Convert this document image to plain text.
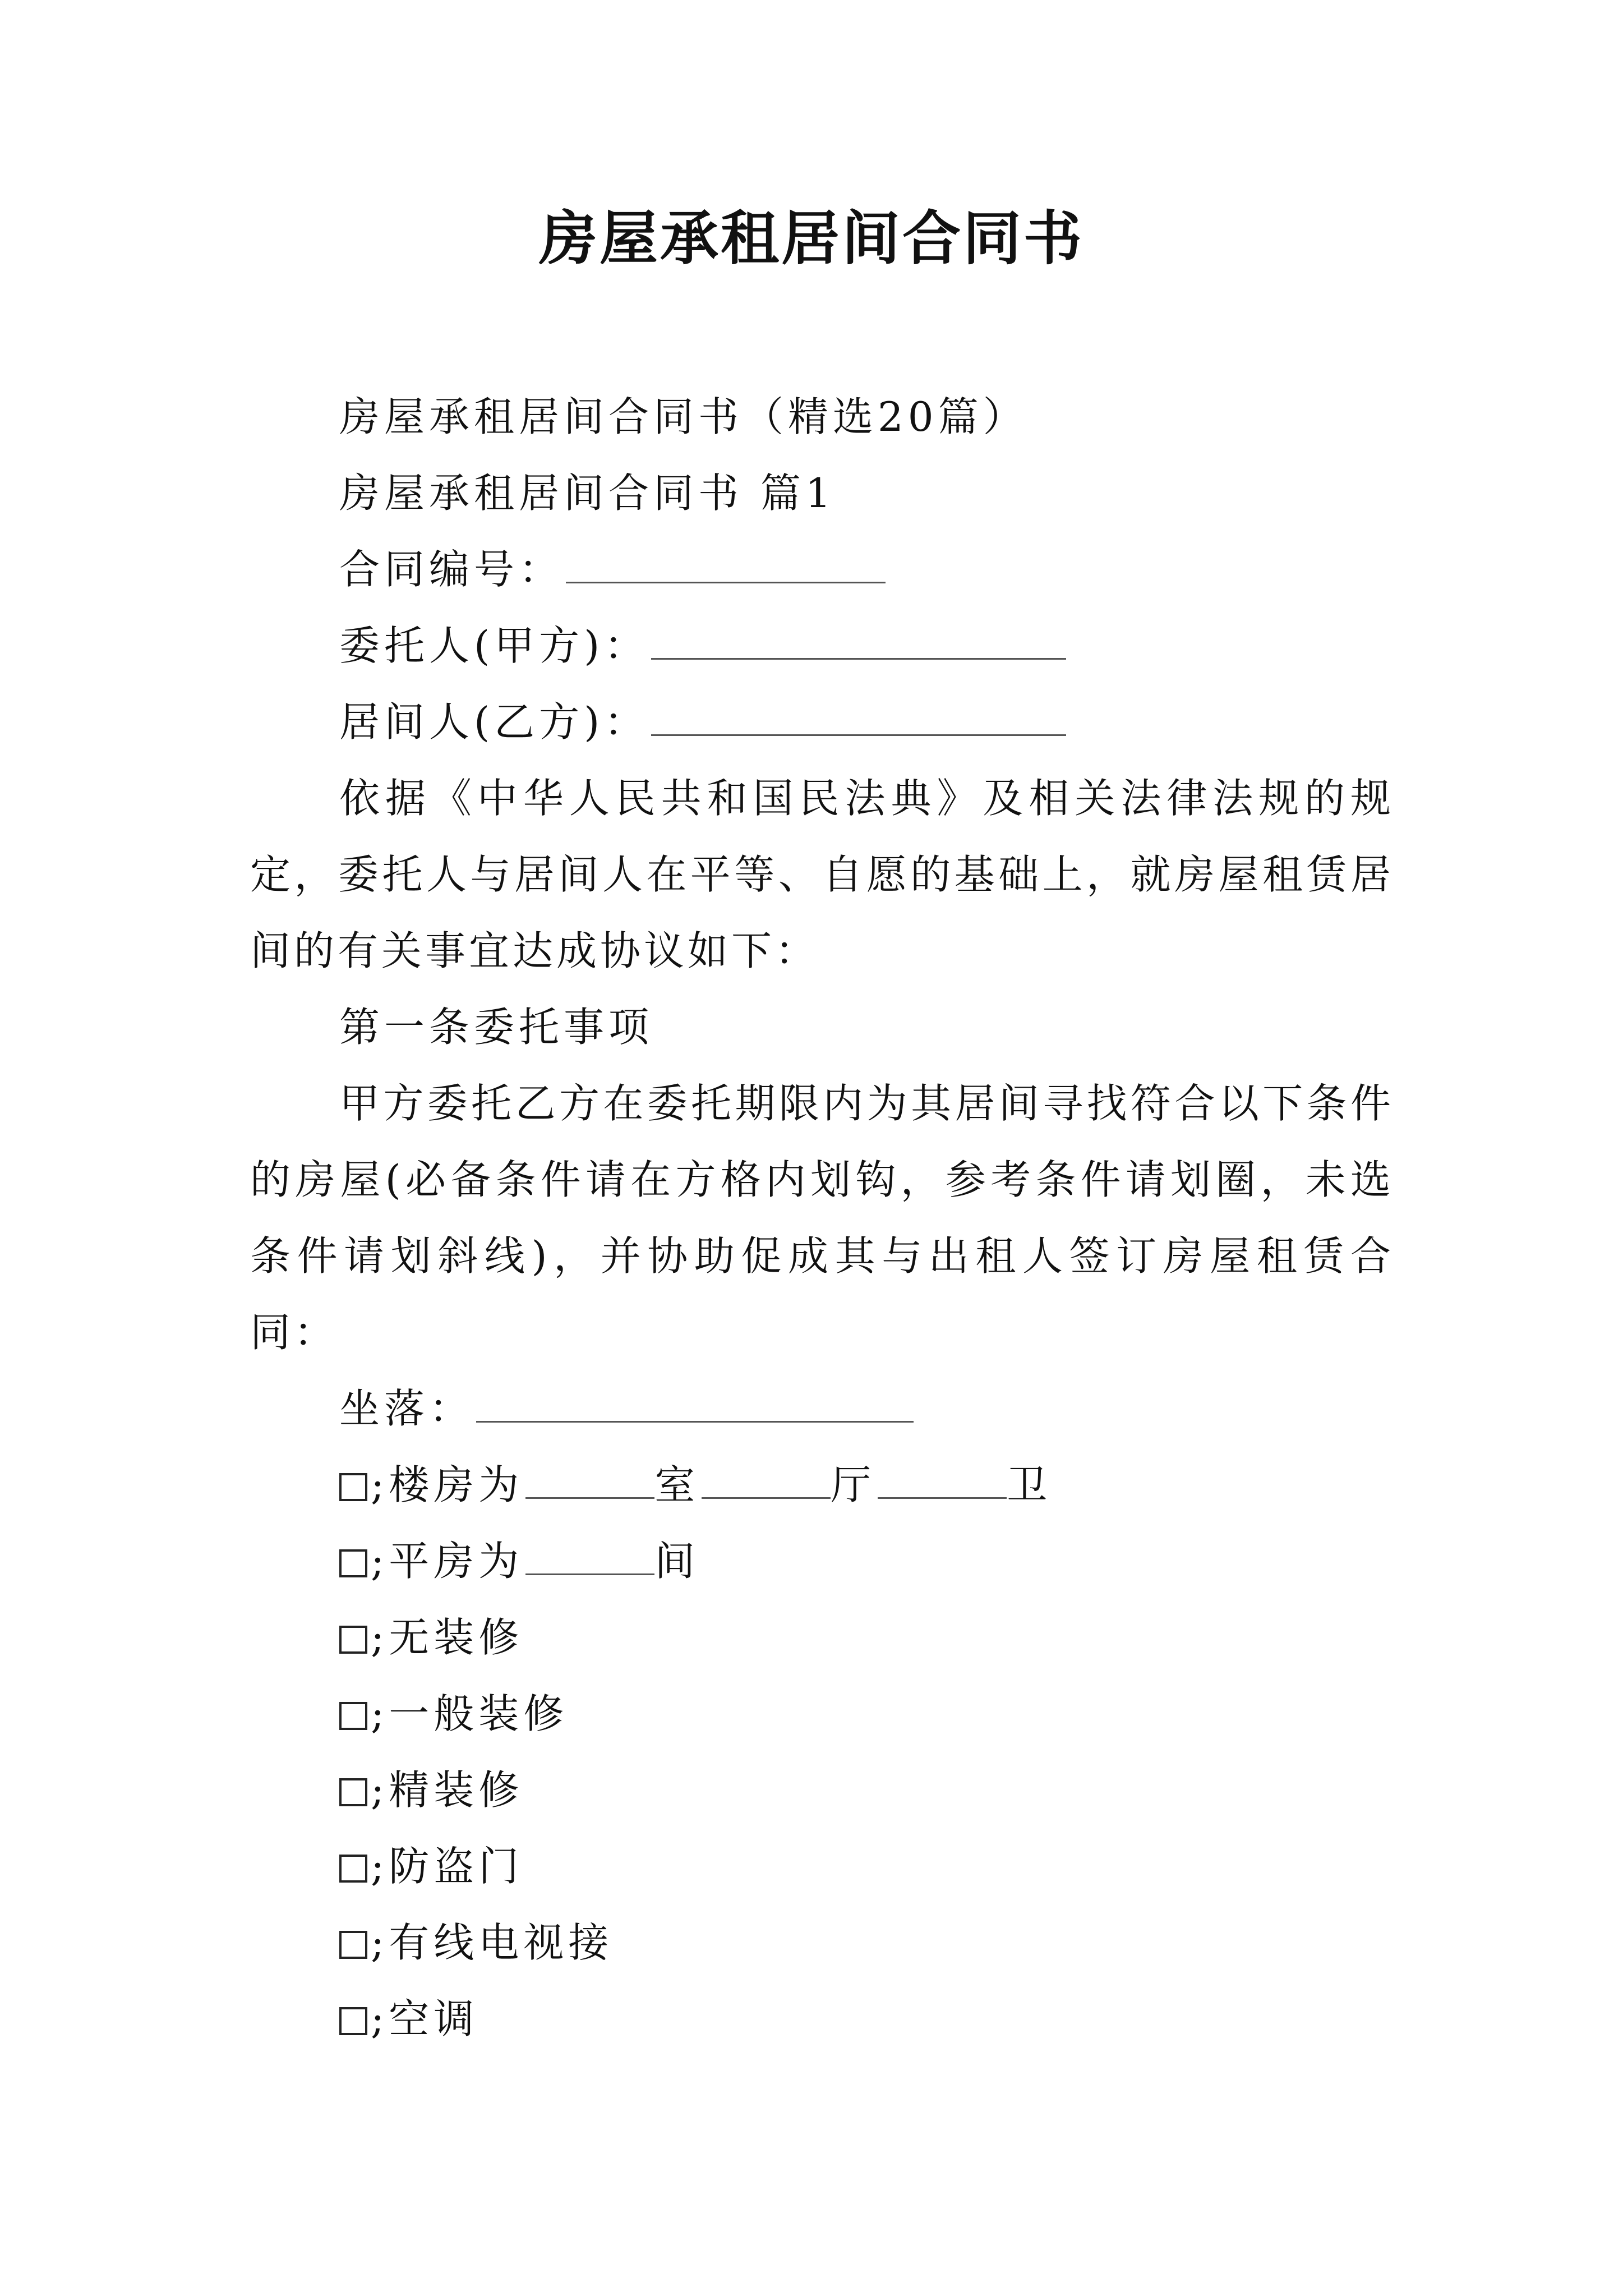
房屋承租居间合同书
房屋承租居间合同书（精选20篇）
房屋承租居间合同书 篇1
合同编号：
委托人(甲方)：
居间人(乙方)：
依据《中华人民共和国民法典》及相关法律法规的规定，委托人与居间人在平等、自愿的基础上，就房屋租赁居间的有关事宜达成协议如下：
第一条委托事项
甲方委托乙方在委托期限内为其居间寻找符合以下条件的房屋(必备条件请在方格内划钩，参考条件请划圈，未选条件请划斜线)，并协助促成其与出租人签订房屋租赁合同：
坐落：
;楼房为	室	厅	卫
;平房为	间
;无装修
;一般装修
;精装修
;防盗门
;有线电视接
;空调
